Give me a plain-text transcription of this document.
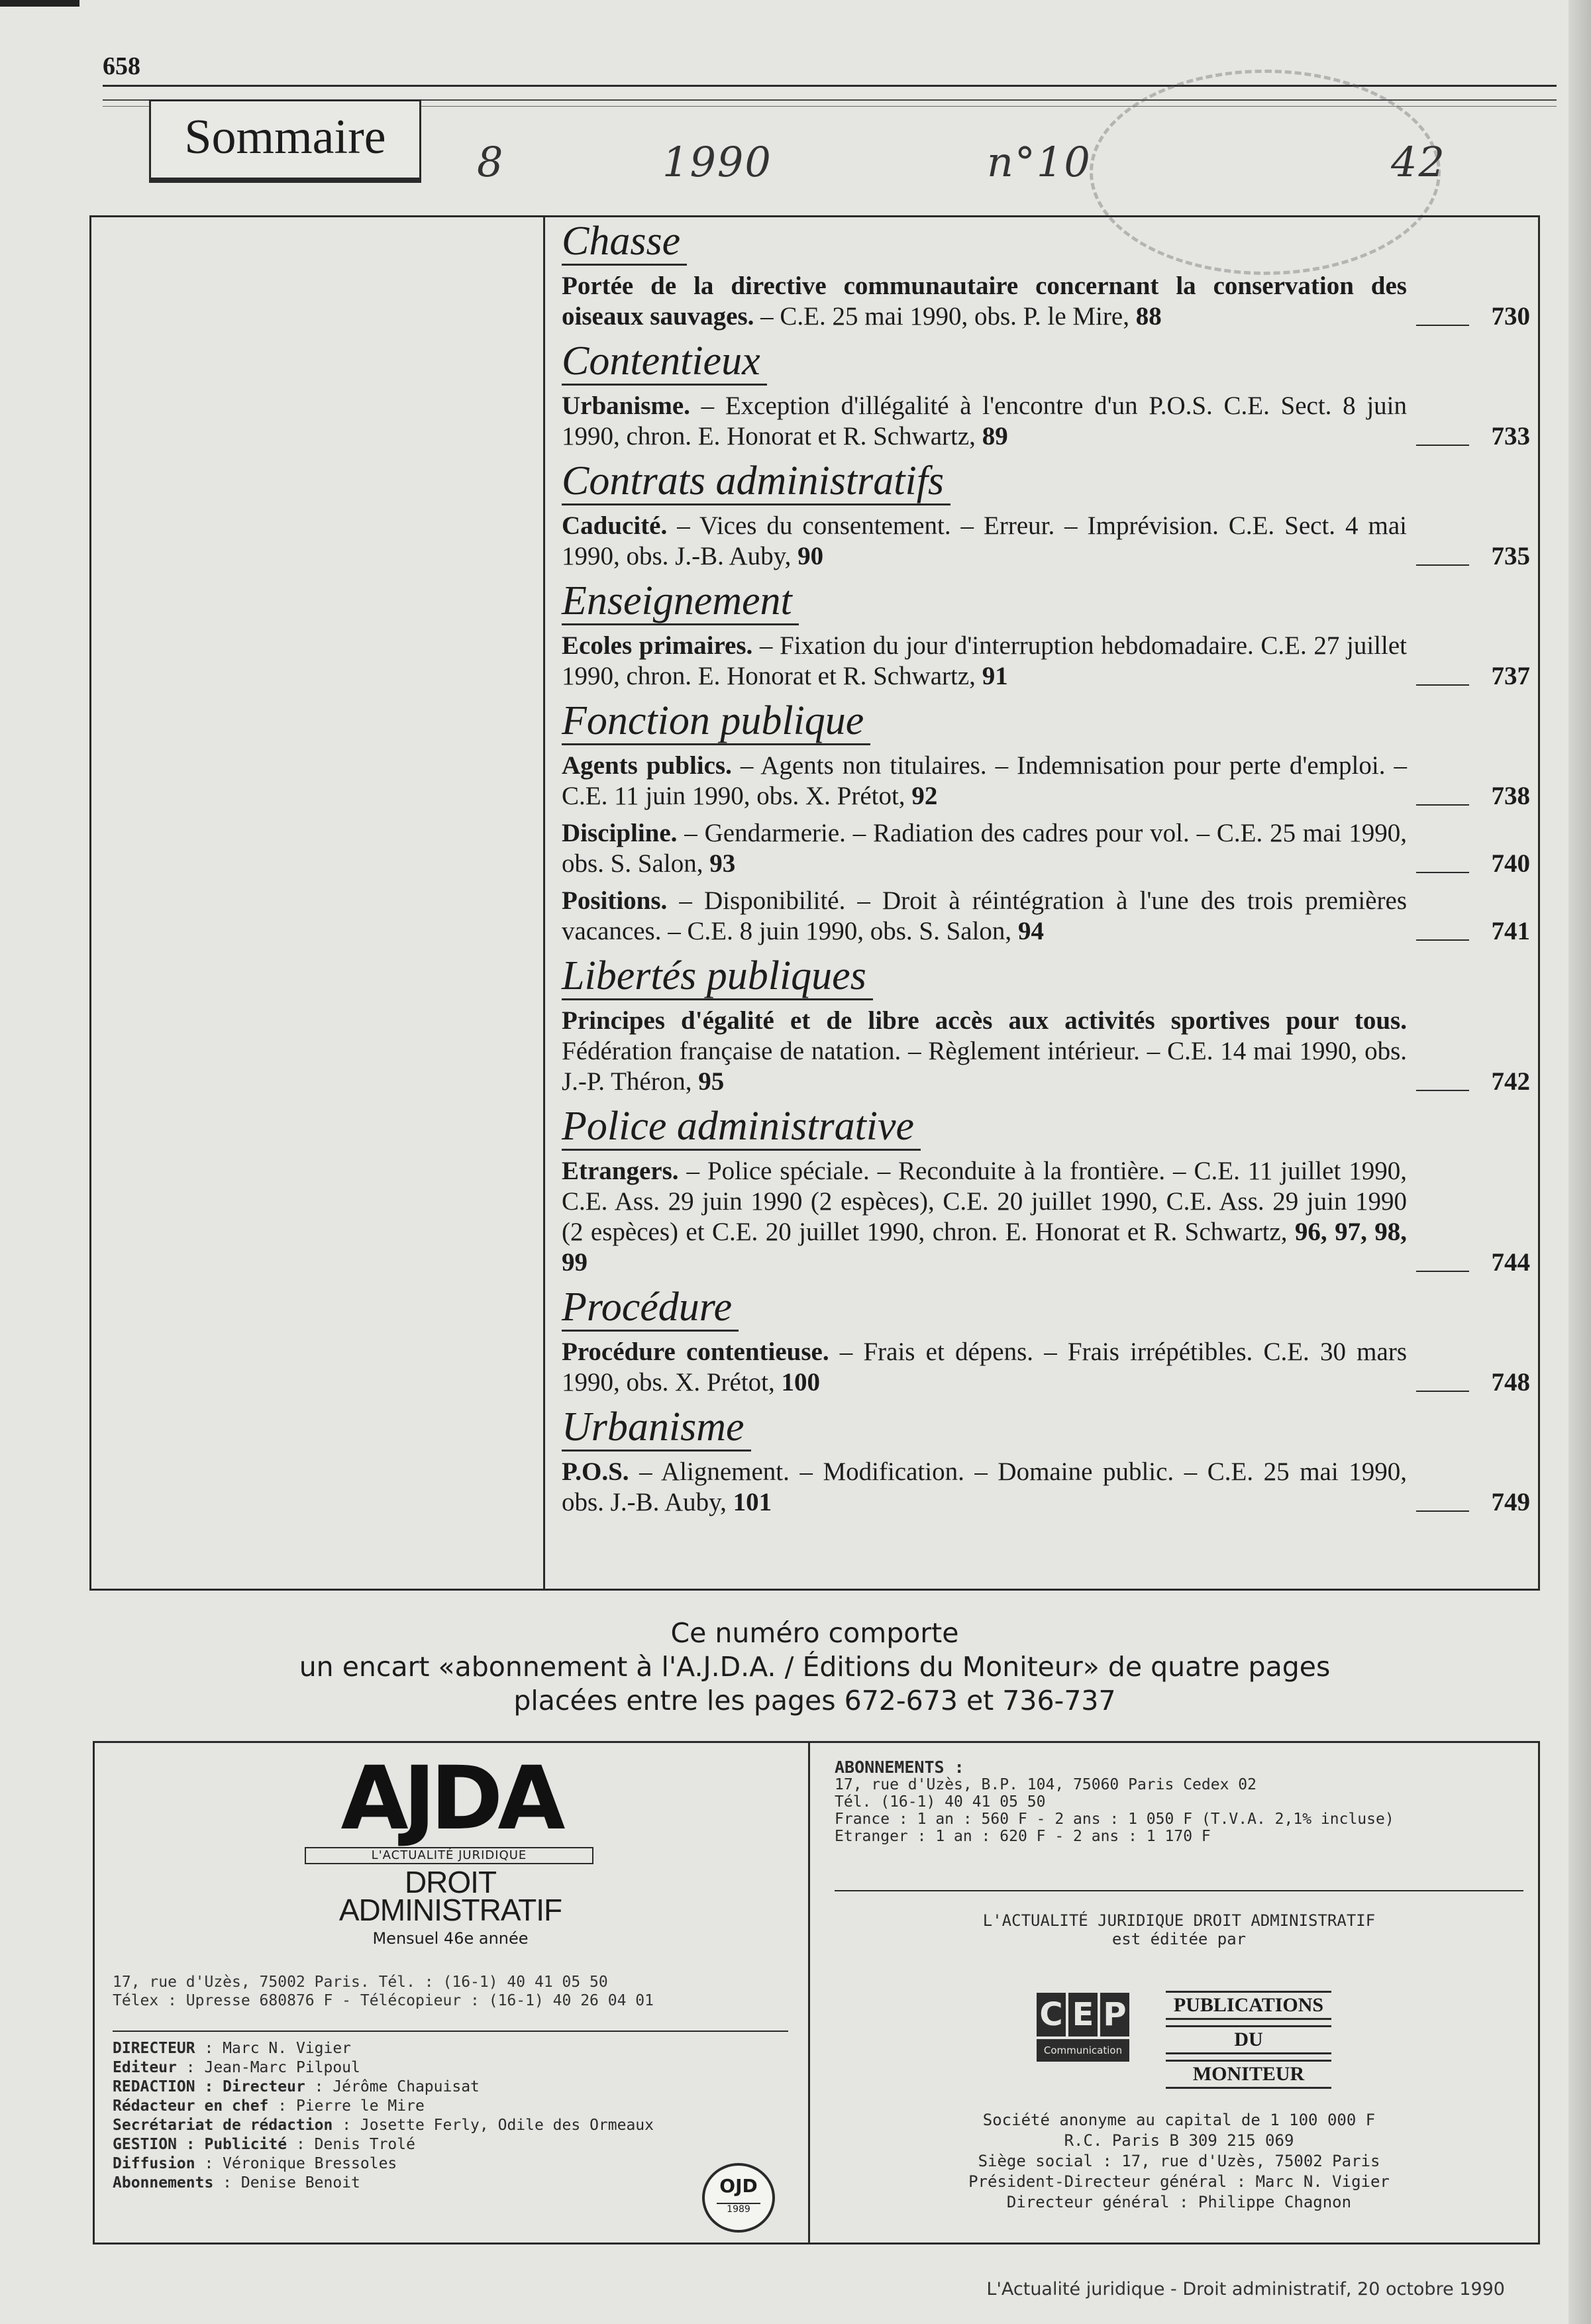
658
Sommaire	8	1990	n°10	42
Chasse
Portée de la directive communautaire concernant la conservation des oiseaux sauvages. – C.E. 25 mai 1990, obs. P. le Mire, 88	730
Contentieux
Urbanisme. – Exception d'illégalité à l'encontre d'un P.O.S. C.E. Sect. 8 juin 1990, chron. E. Honorat et R. Schwartz, 89	733
Contrats administratifs
Caducité. – Vices du consentement. – Erreur. – Imprévision. C.E. Sect. 4 mai 1990, obs. J.-B. Auby, 90	735
Enseignement
Ecoles primaires. – Fixation du jour d'interruption hebdomadaire. C.E. 27 juillet 1990, chron. E. Honorat et R. Schwartz, 91	737
Fonction publique
Agents publics. – Agents non titulaires. – Indemnisation pour perte d'emploi. – C.E. 11 juin 1990, obs. X. Prétot, 92	738
Discipline. – Gendarmerie. – Radiation des cadres pour vol. – C.E. 25 mai 1990, obs. S. Salon, 93	740
Positions. – Disponibilité. – Droit à réintégration à l'une des trois premières vacances. – C.E. 8 juin 1990, obs. S. Salon, 94	741
Libertés publiques
Principes d'égalité et de libre accès aux activités sportives pour tous. Fédération française de natation. – Règlement intérieur. – C.E. 14 mai 1990, obs. J.-P. Théron, 95	742
Police administrative
Etrangers. – Police spéciale. – Reconduite à la frontière. – C.E. 11 juillet 1990, C.E. Ass. 29 juin 1990 (2 espèces), C.E. 20 juillet 1990, C.E. Ass. 29 juin 1990 (2 espèces) et C.E. 20 juillet 1990, chron. E. Honorat et R. Schwartz, 96, 97, 98, 99	744
Procédure
Procédure contentieuse. – Frais et dépens. – Frais irrépétibles. C.E. 30 mars 1990, obs. X. Prétot, 100	748
Urbanisme
P.O.S. – Alignement. – Modification. – Domaine public. – C.E. 25 mai 1990, obs. J.-B. Auby, 101	749
Ce numéro comporte
un encart «abonnement à l'A.J.D.A. / Éditions du Moniteur» de quatre pages
placées entre les pages 672-673 et 736-737
AJDA
L'ACTUALITÉ JURIDIQUE
DROIT
ADMINISTRATIF
Mensuel 46e année
17, rue d'Uzès, 75002 Paris. Tél. : (16-1) 40 41 05 50
Télex : Upresse 680876 F - Télécopieur : (16-1) 40 26 04 01
DIRECTEUR : Marc N. Vigier
Editeur : Jean-Marc Pilpoul
REDACTION : Directeur : Jérôme Chapuisat
Rédacteur en chef : Pierre le Mire
Secrétariat de rédaction : Josette Ferly, Odile des Ormeaux
GESTION : Publicité : Denis Trolé
Diffusion : Véronique Bressoles
Abonnements : Denise Benoit	OJD
1989
ABONNEMENTS :
17, rue d'Uzès, B.P. 104, 75060 Paris Cedex 02
Tél. (16-1) 40 41 05 50
France : 1 an : 560 F - 2 ans : 1 050 F (T.V.A. 2,1% incluse)
Etranger : 1 an : 620 F - 2 ans : 1 170 F
L'ACTUALITÉ JURIDIQUE DROIT ADMINISTRATIF
est éditée par
C E P
Communication
PUBLICATIONS
DU
MONITEUR
Société anonyme au capital de 1 100 000 F
R.C. Paris B 309 215 069
Siège social : 17, rue d'Uzès, 75002 Paris
Président-Directeur général : Marc N. Vigier
Directeur général : Philippe Chagnon
L'Actualité juridique - Droit administratif, 20 octobre 1990
